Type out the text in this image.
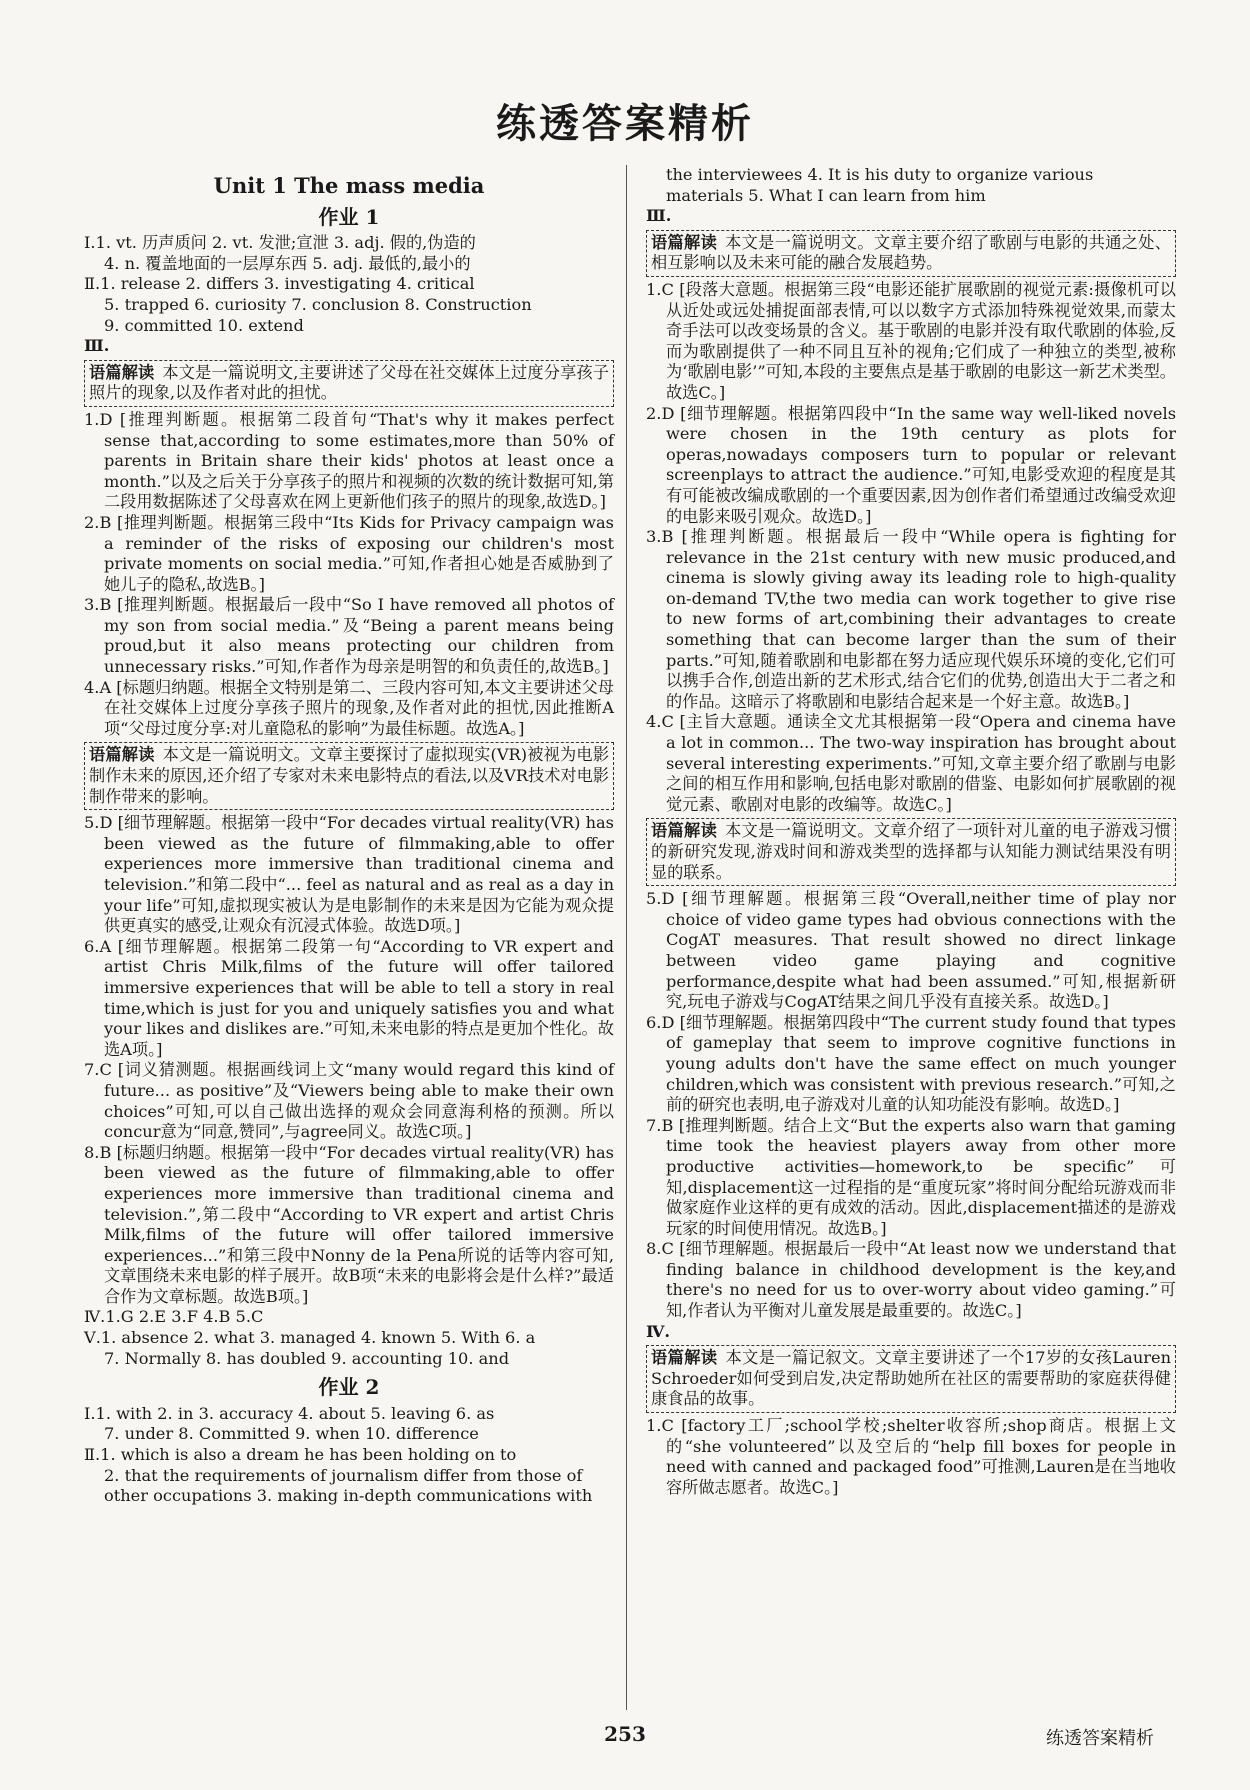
练透答案精析
Unit 1 The mass media
作业 1
Ⅰ.1. vt. 历声质问 2. vt. 发泄;宣泄 3. adj. 假的,伪造的
4. n. 覆盖地面的一层厚东西 5. adj. 最低的,最小的
Ⅱ.1. release 2. differs 3. investigating 4. critical
5. trapped 6. curiosity 7. conclusion 8. Construction
9. committed 10. extend
Ⅲ.
语篇解读 本文是一篇说明文,主要讲述了父母在社交媒体上过度分享孩子照片的现象,以及作者对此的担忧。

1.D [推理判断题。根据第二段首句“That's why it makes perfect sense that,according to some estimates,more than 50% of parents in Britain share their kids' photos at least once a month.”以及之后关于分享孩子的照片和视频的次数的统计数据可知,第二段用数据陈述了父母喜欢在网上更新他们孩子的照片的现象,故选D。]

2.B [推理判断题。根据第三段中“Its Kids for Privacy campaign was a reminder of the risks of exposing our children's most private moments on social media.”可知,作者担心她是否威胁到了她儿子的隐私,故选B。]

3.B [推理判断题。根据最后一段中“So I have removed all photos of my son from social media.”及“Being a parent means being proud,but it also means protecting our children from unnecessary risks.”可知,作者作为母亲是明智的和负责任的,故选B。]

4.A [标题归纳题。根据全文特别是第二、三段内容可知,本文主要讲述父母在社交媒体上过度分享孩子照片的现象,及作者对此的担忧,因此推断A项“父母过度分享:对儿童隐私的影响”为最佳标题。故选A。]

语篇解读 本文是一篇说明文。文章主要探讨了虚拟现实(VR)被视为电影制作未来的原因,还介绍了专家对未来电影特点的看法,以及VR技术对电影制作带来的影响。

5.D [细节理解题。根据第一段中“For decades virtual reality(VR) has been viewed as the future of filmmaking,able to offer experiences more immersive than traditional cinema and television.”和第二段中“... feel as natural and as real as a day in your life”可知,虚拟现实被认为是电影制作的未来是因为它能为观众提供更真实的感受,让观众有沉浸式体验。故选D项。]

6.A [细节理解题。根据第二段第一句“According to VR expert and artist Chris Milk,films of the future will offer tailored immersive experiences that will be able to tell a story in real time,which is just for you and uniquely satisfies you and what your likes and dislikes are.”可知,未来电影的特点是更加个性化。故选A项。]

7.C [词义猜测题。根据画线词上文“many would regard this kind of future... as positive”及“Viewers being able to make their own choices”可知,可以自己做出选择的观众会同意海利格的预测。所以concur意为“同意,赞同”,与agree同义。故选C项。]

8.B [标题归纳题。根据第一段中“For decades virtual reality(VR) has been viewed as the future of filmmaking,able to offer experiences more immersive than traditional cinema and television.”,第二段中“According to VR expert and artist Chris Milk,films of the future will offer tailored immersive experiences...”和第三段中Nonny de la Pena所说的话等内容可知,文章围绕未来电影的样子展开。故B项“未来的电影将会是什么样?”最适合作为文章标题。故选B项。]

Ⅳ.1.G 2.E 3.F 4.B 5.C
Ⅴ.1. absence 2. what 3. managed 4. known 5. With 6. a
7. Normally 8. has doubled 9. accounting 10. and
作业 2
Ⅰ.1. with 2. in 3. accuracy 4. about 5. leaving 6. as
7. under 8. Committed 9. when 10. difference
Ⅱ.1. which is also a dream he has been holding on to
2. that the requirements of journalism differ from those of
other occupations 3. making in-depth communications with
the interviewees 4. It is his duty to organize various
materials 5. What I can learn from him
Ⅲ.
语篇解读 本文是一篇说明文。文章主要介绍了歌剧与电影的共通之处、相互影响以及未来可能的融合发展趋势。

1.C [段落大意题。根据第三段“电影还能扩展歌剧的视觉元素:摄像机可以从近处或远处捕捉面部表情,可以以数字方式添加特殊视觉效果,而蒙太奇手法可以改变场景的含义。基于歌剧的电影并没有取代歌剧的体验,反而为歌剧提供了一种不同且互补的视角;它们成了一种独立的类型,被称为‘歌剧电影’”可知,本段的主要焦点是基于歌剧的电影这一新艺术类型。故选C。]

2.D [细节理解题。根据第四段中“In the same way well-liked novels were chosen in the 19th century as plots for operas,nowadays composers turn to popular or relevant screenplays to attract the audience.”可知,电影受欢迎的程度是其有可能被改编成歌剧的一个重要因素,因为创作者们希望通过改编受欢迎的电影来吸引观众。故选D。]

3.B [推理判断题。根据最后一段中“While opera is fighting for relevance in the 21st century with new music produced,and cinema is slowly giving away its leading role to high-quality on-demand TV,the two media can work together to give rise to new forms of art,combining their advantages to create something that can become larger than the sum of their parts.”可知,随着歌剧和电影都在努力适应现代娱乐环境的变化,它们可以携手合作,创造出新的艺术形式,结合它们的优势,创造出大于二者之和的作品。这暗示了将歌剧和电影结合起来是一个好主意。故选B。]

4.C [主旨大意题。通读全文尤其根据第一段“Opera and cinema have a lot in common... The two-way inspiration has brought about several interesting experiments.”可知,文章主要介绍了歌剧与电影之间的相互作用和影响,包括电影对歌剧的借鉴、电影如何扩展歌剧的视觉元素、歌剧对电影的改编等。故选C。]

语篇解读 本文是一篇说明文。文章介绍了一项针对儿童的电子游戏习惯的新研究发现,游戏时间和游戏类型的选择都与认知能力测试结果没有明显的联系。

5.D [细节理解题。根据第三段“Overall,neither time of play nor choice of video game types had obvious connections with the CogAT measures. That result showed no direct linkage between video game playing and cognitive performance,despite what had been assumed.”可知,根据新研究,玩电子游戏与CogAT结果之间几乎没有直接关系。故选D。]

6.D [细节理解题。根据第四段中“The current study found that types of gameplay that seem to improve cognitive functions in young adults don't have the same effect on much younger children,which was consistent with previous research.”可知,之前的研究也表明,电子游戏对儿童的认知功能没有影响。故选D。]

7.B [推理判断题。结合上文“But the experts also warn that gaming time took the heaviest players away from other more productive activities—homework,to be specific”可知,displacement这一过程指的是“重度玩家”将时间分配给玩游戏而非做家庭作业这样的更有成效的活动。因此,displacement描述的是游戏玩家的时间使用情况。故选B。]

8.C [细节理解题。根据最后一段中“At least now we understand that finding balance in childhood development is the key,and there's no need for us to over-worry about video gaming.”可知,作者认为平衡对儿童发展是最重要的。故选C。]

Ⅳ.
语篇解读 本文是一篇记叙文。文章主要讲述了一个17岁的女孩Lauren Schroeder如何受到启发,决定帮助她所在社区的需要帮助的家庭获得健康食品的故事。

1.C [factory工厂;school学校;shelter收容所;shop商店。根据上文的“she volunteered”以及空后的“help fill boxes for people in need with canned and packaged food”可推测,Lauren是在当地收容所做志愿者。故选C。]

253	练透答案精析
